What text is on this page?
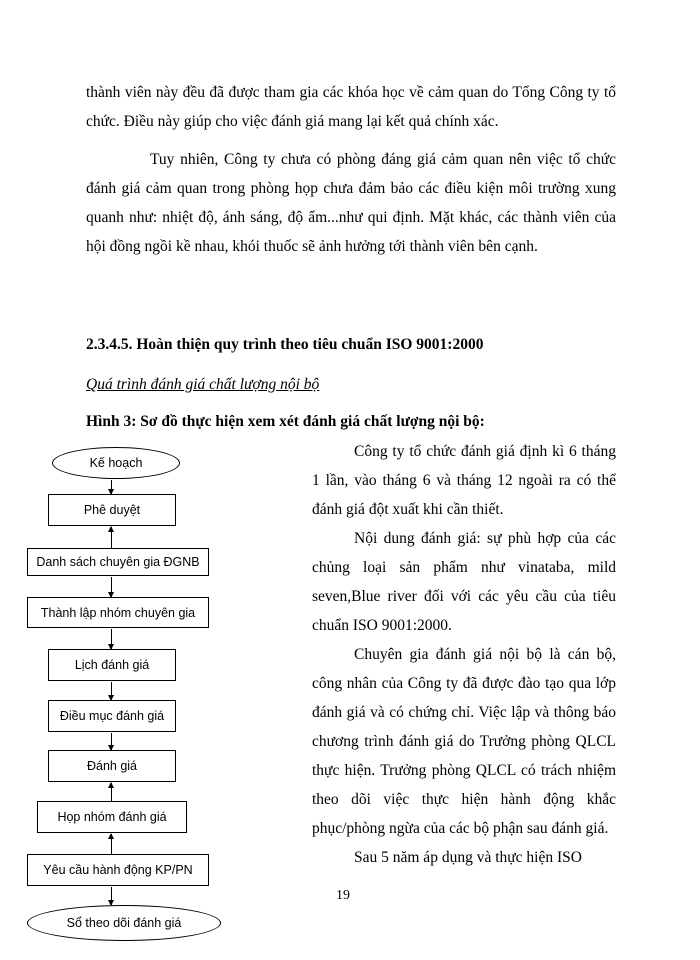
thành viên này đều đã được tham gia các khóa học về cảm quan do Tổng Công ty tổ chức. Điều này giúp cho việc đánh giá mang lại kết quả chính xác.

Tuy nhiên, Công ty chưa có phòng đáng giá cảm quan nên việc tổ chức đánh giá cảm quan trong phòng họp chưa đảm bảo các điều kiện môi trường xung quanh như: nhiệt độ, ánh sáng, độ ẩm...như qui định. Mặt khác, các thành viên của hội đồng ngồi kề nhau, khói thuốc sẽ ảnh hưởng tới thành viên bên cạnh.

2.3.4.5. Hoàn thiện quy trình theo tiêu chuẩn ISO 9001:2000

Quá trình đánh giá chất lượng nội bộ

Hình 3: Sơ đồ thực hiện xem xét đánh giá chất lượng nội bộ:

Kế hoạch
Phê duyệt
Danh sách chuyên gia ĐGNB
Thành lập nhóm chuyên gia
Lịch đánh giá
Điều mục đánh giá
Đánh giá
Họp nhóm đánh giá
Yêu cầu hành động KP/PN
Sổ theo dõi đánh giá

Công ty tổ chức đánh giá định kì 6 tháng 1 lần, vào tháng 6 và tháng 12 ngoài ra có thể đánh giá đột xuất khi cần thiết.

Nội dung đánh giá: sự phù hợp của các chủng loại sản phẩm như vinataba, mild seven,Blue river đối với các yêu cầu của tiêu chuẩn ISO 9001:2000.

Chuyên gia đánh giá nội bộ là cán bộ, công nhân của Công ty đã được đào tạo qua lớp đánh giá và có chứng chỉ. Việc lập và thông báo chương trình đánh giá do Trưởng phòng QLCL thực hiện. Trưởng phòng QLCL có trách nhiệm theo dõi việc thực hiện hành động khắc phục/phòng ngừa của các bộ phận sau đánh giá.

Sau 5 năm áp dụng và thực hiện ISO

19
